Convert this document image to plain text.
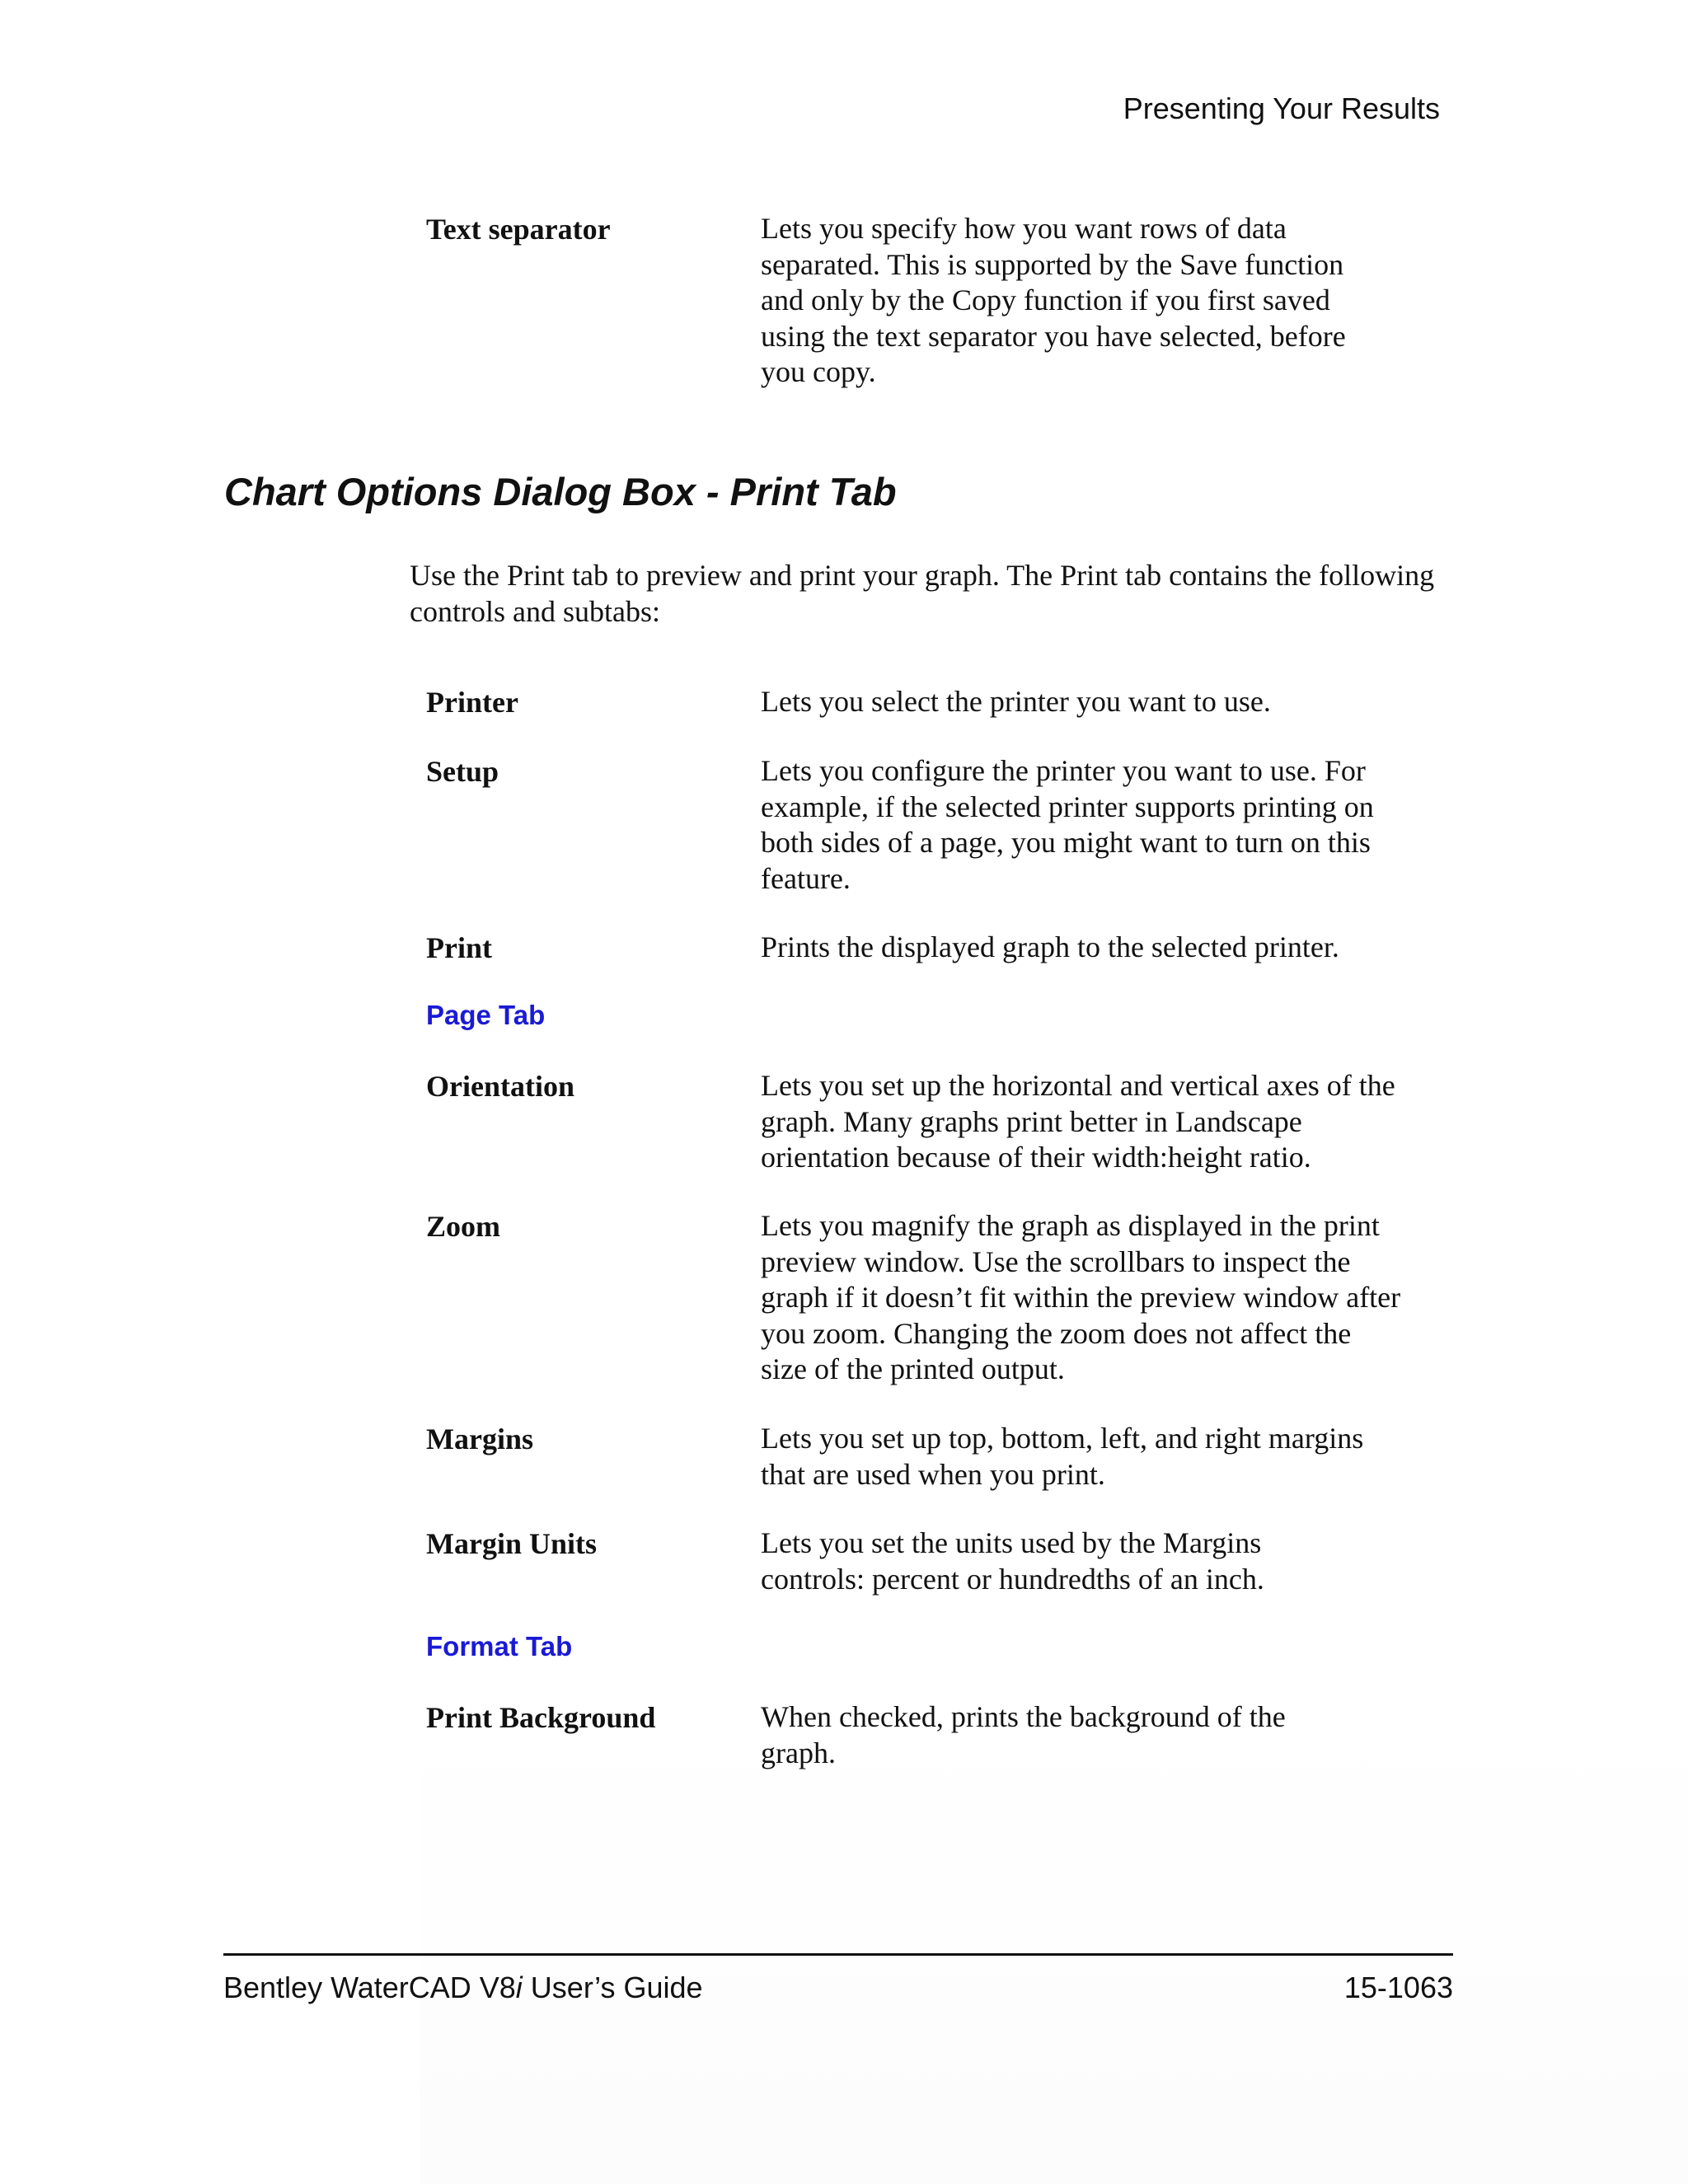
Presenting Your Results
Text separator	Lets you specify how you want rows of data separated. This is supported by the Save function and only by the Copy function if you first saved using the text separator you have selected, before you copy.
Chart Options Dialog Box - Print Tab
Use the Print tab to preview and print your graph. The Print tab contains the following controls and subtabs:
Printer	Lets you select the printer you want to use.
Setup	Lets you configure the printer you want to use. For example, if the selected printer supports printing on both sides of a page, you might want to turn on this feature.
Print	Prints the displayed graph to the selected printer.
Page Tab
Orientation	Lets you set up the horizontal and vertical axes of the graph. Many graphs print better in Landscape orientation because of their width:height ratio.
Zoom	Lets you magnify the graph as displayed in the print preview window. Use the scrollbars to inspect the graph if it doesn’t fit within the preview window after you zoom. Changing the zoom does not affect the size of the printed output.
Margins	Lets you set up top, bottom, left, and right margins that are used when you print.
Margin Units	Lets you set the units used by the Margins controls: percent or hundredths of an inch.
Format Tab
Print Background	When checked, prints the background of the graph.
Bentley WaterCAD V8i User’s Guide	15-1063
